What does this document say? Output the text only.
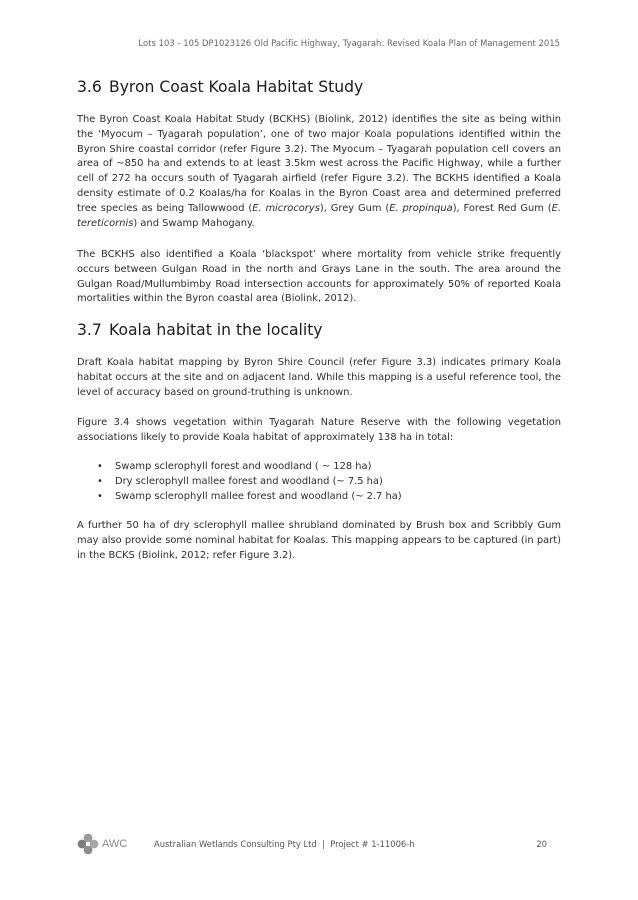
Lots 103 - 105 DP1023126 Old Pacific Highway, Tyagarah: Revised Koala Plan of Management 2015
3.6 Byron Coast Koala Habitat Study

The Byron Coast Koala Habitat Study (BCKHS) (Biolink, 2012) identifies the site as being within the ‘Myocum – Tyagarah population’, one of two major Koala populations identified within the Byron Shire coastal corridor (refer Figure 3.2). The Myocum – Tyagarah population cell covers an area of ~850 ha and extends to at least 3.5km west across the Pacific Highway, while a further cell of 272 ha occurs south of Tyagarah airfield (refer Figure 3.2). The BCKHS identified a Koala density estimate of 0.2 Koalas/ha for Koalas in the Byron Coast area and determined preferred tree species as being Tallowwood (E. microcorys), Grey Gum (E. propinqua), Forest Red Gum (E. tereticornis) and Swamp Mahogany.

The BCKHS also identified a Koala ‘blackspot’ where mortality from vehicle strike frequently occurs between Gulgan Road in the north and Grays Lane in the south. The area around the Gulgan Road/Mullumbimby Road intersection accounts for approximately 50% of reported Koala mortalities within the Byron coastal area (Biolink, 2012).

3.7 Koala habitat in the locality

Draft Koala habitat mapping by Byron Shire Council (refer Figure 3.3) indicates primary Koala habitat occurs at the site and on adjacent land. While this mapping is a useful reference tool, the level of accuracy based on ground-truthing is unknown.

Figure 3.4 shows vegetation within Tyagarah Nature Reserve with the following vegetation associations likely to provide Koala habitat of approximately 138 ha in total:

• Swamp sclerophyll forest and woodland ( ~ 128 ha)
• Dry sclerophyll mallee forest and woodland (~ 7.5 ha)
• Swamp sclerophyll mallee forest and woodland (~ 2.7 ha)

A further 50 ha of dry sclerophyll mallee shrubland dominated by Brush box and Scribbly Gum may also provide some nominal habitat for Koalas. This mapping appears to be captured (in part) in the BCKS (Biolink, 2012; refer Figure 3.2).

AWC	Australian Wetlands Consulting Pty Ltd | Project # 1-11006-h	20
